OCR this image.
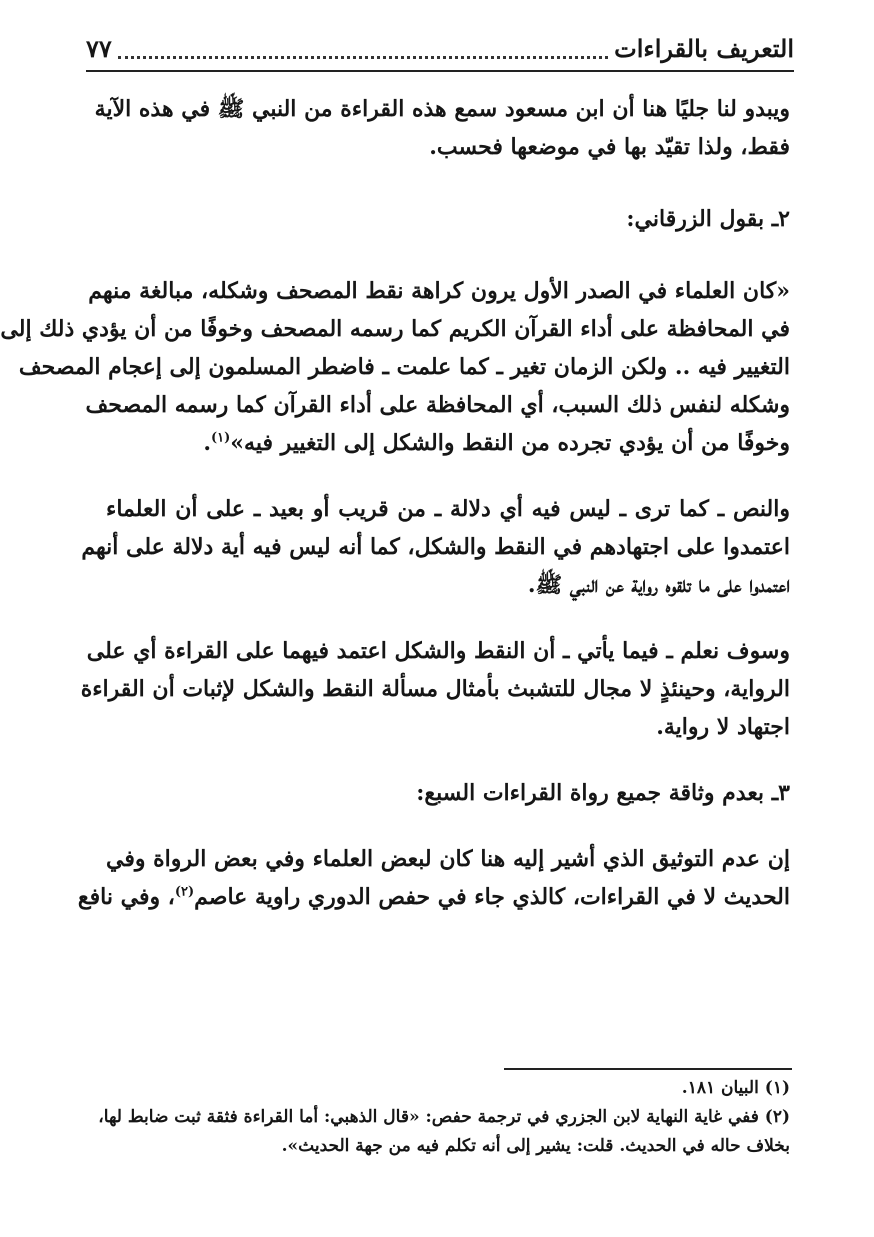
التعريف بالقراءات
٧٧

ويبدو لنا جليًا هنا أن ابن مسعود سمع هذه القراءة من النبي ﷺ في هذه الآية

فقط، ولذا تقيّد بها في موضعها فحسب.

٢ـ بقول الزرقاني:

«كان العلماء في الصدر الأول يرون كراهة نقط المصحف وشكله، مبالغة منهم

في المحافظة على أداء القرآن الكريم كما رسمه المصحف وخوفًا من أن يؤدي ذلك إلى

التغيير فيه .. ولكن الزمان تغير ـ كما علمت ـ فاضطر المسلمون إلى إعجام المصحف

وشكله لنفس ذلك السبب، أي المحافظة على أداء القرآن كما رسمه المصحف

وخوفًا من أن يؤدي تجرده من النقط والشكل إلى التغيير فيه»$^{(١)}$.

والنص ـ كما ترى ـ ليس فيه أي دلالة ـ من قريب أو بعيد ـ على أن العلماء

اعتمدوا على اجتهادهم في النقط والشكل، كما أنه ليس فيه أية دلالة على أنهم

اعتمدوا على ما تلقوه رواية عن النبي ﷺ.

وسوف نعلم ـ فيما يأتي ـ أن النقط والشكل اعتمد فيهما على القراءة أي على

الرواية، وحينئذٍ لا مجال للتشبث بأمثال مسألة النقط والشكل لإثبات أن القراءة

اجتهاد لا رواية.

٣ـ بعدم وثاقة جميع رواة القراءات السبع:

إن عدم التوثيق الذي أشير إليه هنا كان لبعض العلماء وفي بعض الرواة وفي

الحديث لا في القراءات، كالذي جاء في حفص الدوري راوية عاصم$^{(٢)}$، وفي نافع

(١) البيان ١٨١.

(٢) ففي غاية النهاية لابن الجزري في ترجمة حفص: «قال الذهبي: أما القراءة فثقة ثبت ضابط لها،

بخلاف حاله في الحديث. قلت: يشير إلى أنه تكلم فيه من جهة الحديث».
